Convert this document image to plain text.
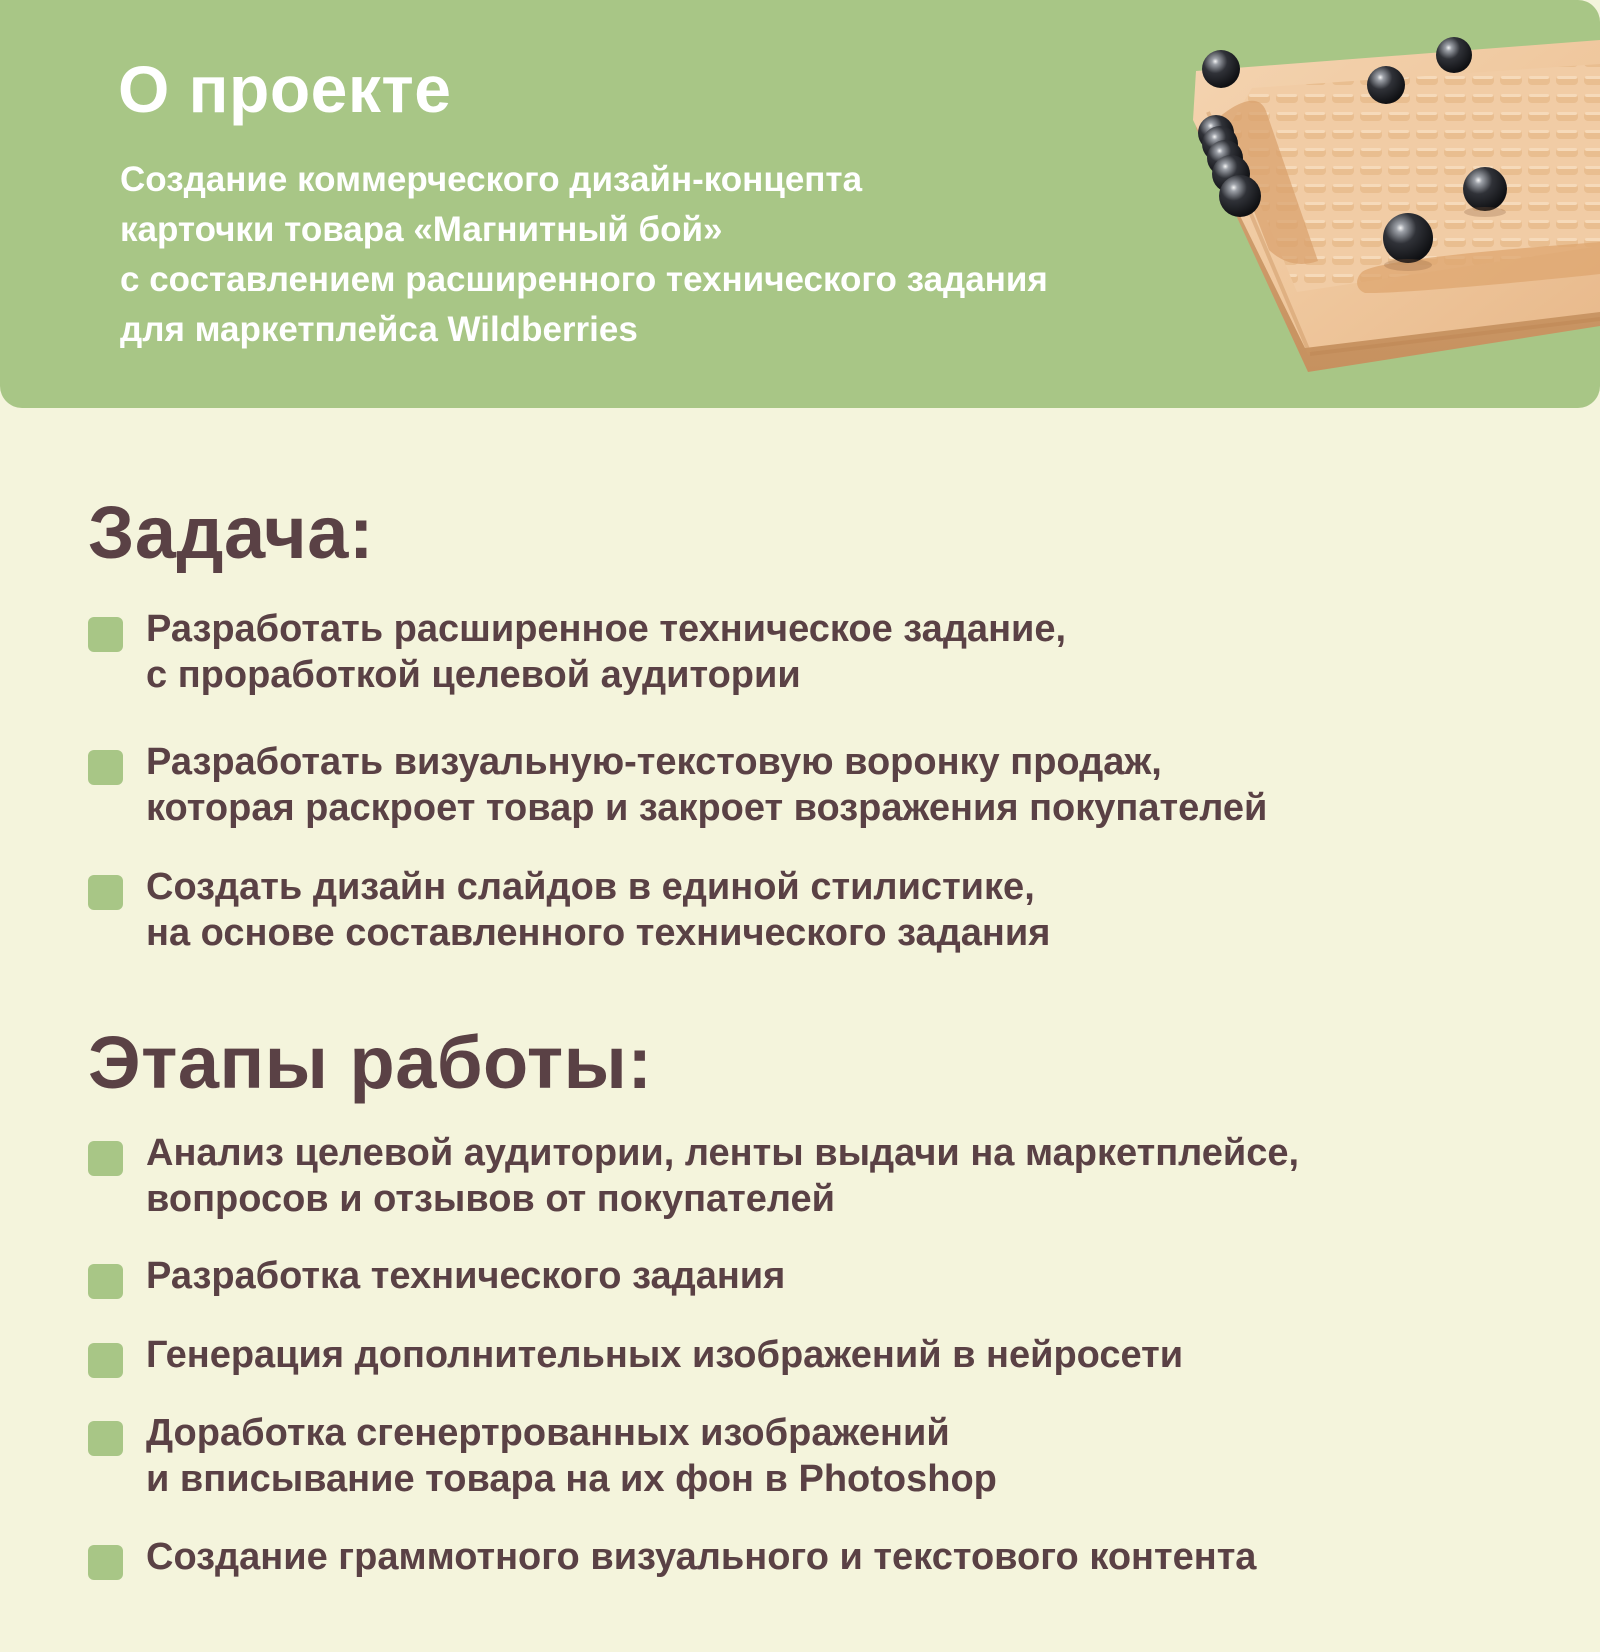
О проекте
Создание коммерческого дизайн-концепта
карточки товара «Магнитный бой»
с составлением расширенного технического задания
для маркетплейса Wildberries
Задача:
Разработать расширенное техническое задание,
с проработкой целевой аудитории
Разработать визуальную-текстовую воронку продаж,
которая раскроет товар и закроет возражения покупателей
Создать дизайн слайдов в единой стилистике,
на основе составленного технического задания
Этапы работы:
Анализ целевой аудитории, ленты выдачи на маркетплейсе,
вопросов и отзывов от покупателей
Разработка технического задания
Генерация дополнительных изображений в нейросети
Доработка сгенертрованных изображений
и вписывание товара на их фон в Photoshop
Создание граммотного визуального и текстового контента
